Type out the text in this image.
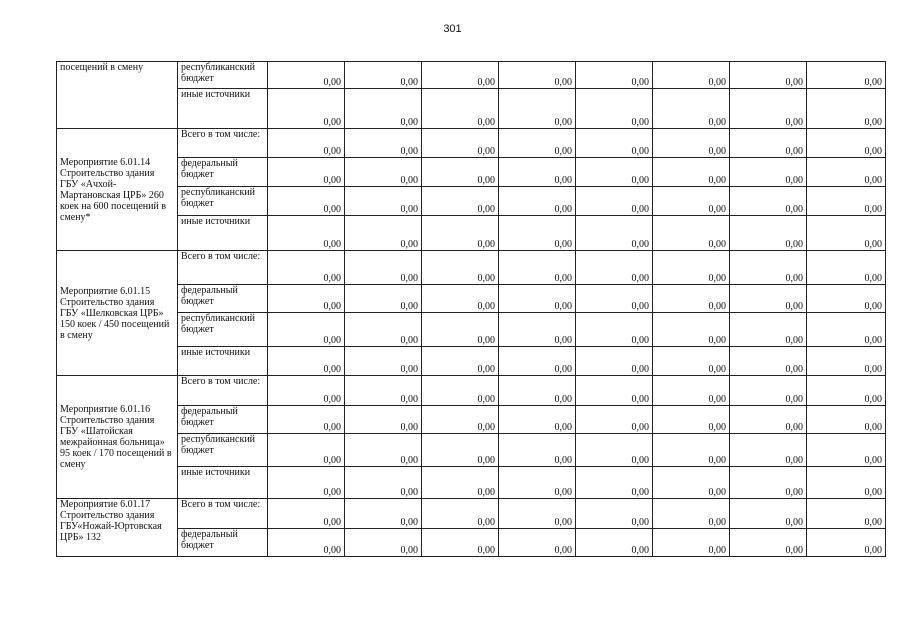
301
посещений в смену	республиканский бюджет	0,00	0,00	0,00	0,00	0,00	0,00	0,00	0,00
	иные источники	0,00	0,00	0,00	0,00	0,00	0,00	0,00	0,00
Мероприятие 6.01.14 Строительство здания ГБУ «Ачхой-Мартановская ЦРБ» 260 коек на 600 посещений в смену*	Всего в том числе:	0,00	0,00	0,00	0,00	0,00	0,00	0,00	0,00
	федеральный бюджет	0,00	0,00	0,00	0,00	0,00	0,00	0,00	0,00
	республиканский бюджет	0,00	0,00	0,00	0,00	0,00	0,00	0,00	0,00
	иные источники	0,00	0,00	0,00	0,00	0,00	0,00	0,00	0,00
Мероприятие 6.01.15 Строительство здания ГБУ «Шелковская ЦРБ» 150 коек / 450 посещений в смену	Всего в том числе:	0,00	0,00	0,00	0,00	0,00	0,00	0,00	0,00
	федеральный бюджет	0,00	0,00	0,00	0,00	0,00	0,00	0,00	0,00
	республиканский бюджет	0,00	0,00	0,00	0,00	0,00	0,00	0,00	0,00
	иные источники	0,00	0,00	0,00	0,00	0,00	0,00	0,00	0,00
Мероприятие 6.01.16 Строительство здания ГБУ «Шатойская межрайонная больница» 95 коек / 170 посещений в смену	Всего в том числе:	0,00	0,00	0,00	0,00	0,00	0,00	0,00	0,00
	федеральный бюджет	0,00	0,00	0,00	0,00	0,00	0,00	0,00	0,00
	республиканский бюджет	0,00	0,00	0,00	0,00	0,00	0,00	0,00	0,00
	иные источники	0,00	0,00	0,00	0,00	0,00	0,00	0,00	0,00
Мероприятие 6.01.17 Строительство здания ГБУ«Ножай-Юртовская ЦРБ» 132	Всего в том числе:	0,00	0,00	0,00	0,00	0,00	0,00	0,00	0,00
	федеральный бюджет	0,00	0,00	0,00	0,00	0,00	0,00	0,00	0,00
